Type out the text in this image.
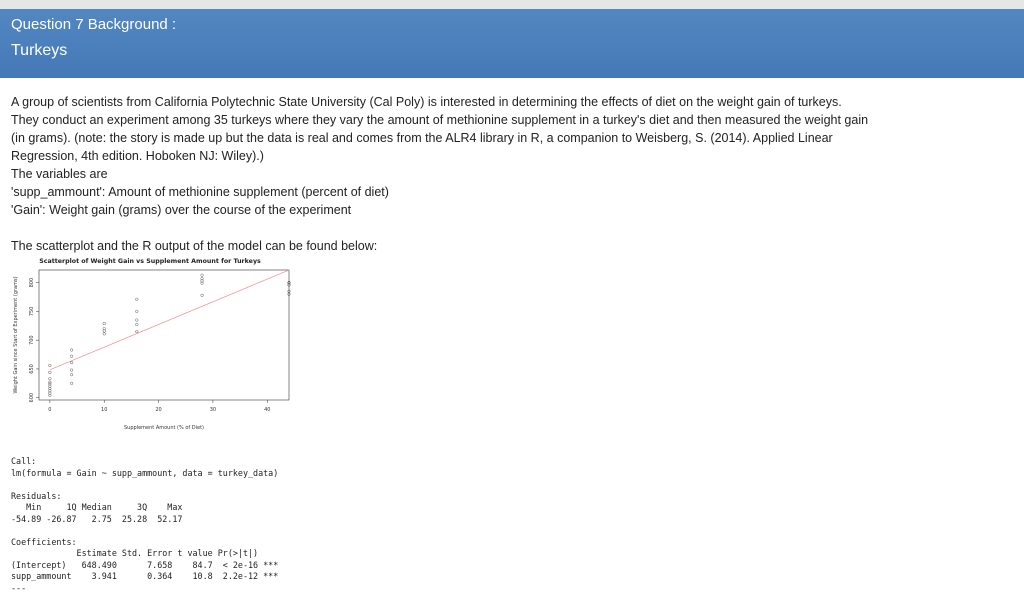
Question 7 Background :
Turkeys

A group of scientists from California Polytechnic State University (Cal Poly) is interested in determining the effects of diet on the weight gain of turkeys. They conduct an experiment among 35 turkeys where they vary the amount of methionine supplement in a turkey's diet and then measured the weight gain (in grams). (note: the story is made up but the data is real and comes from the ALR4 library in R, a companion to Weisberg, S. (2014). Applied Linear Regression, 4th edition. Hoboken NJ: Wiley).)

The variables are

'supp_ammount': Amount of methionine supplement (percent of diet)

'Gain': Weight gain (grams) over the course of the experiment

The scatterplot and the R output of the model can be found below:

Scatterplot of Weight Gain vs Supplement Amount for Turkeys
0	10	20	30	40
600
650
700
750
800
Supplement Amount (% of Diet)
Weight Gain since Start of Experiment (grams)
Call:
lm(formula = Gain ~ supp_ammount, data = turkey_data)

Residuals:
Min     1Q Median     3Q    Max
-54.89 -26.87   2.75  25.28  52.17

Coefficients:
Estimate Std. Error t value Pr(>|t|)
(Intercept)   648.490      7.658    84.7  < 2e-16 ***
supp_ammount    3.941      0.364    10.8  2.2e-12 ***
---
